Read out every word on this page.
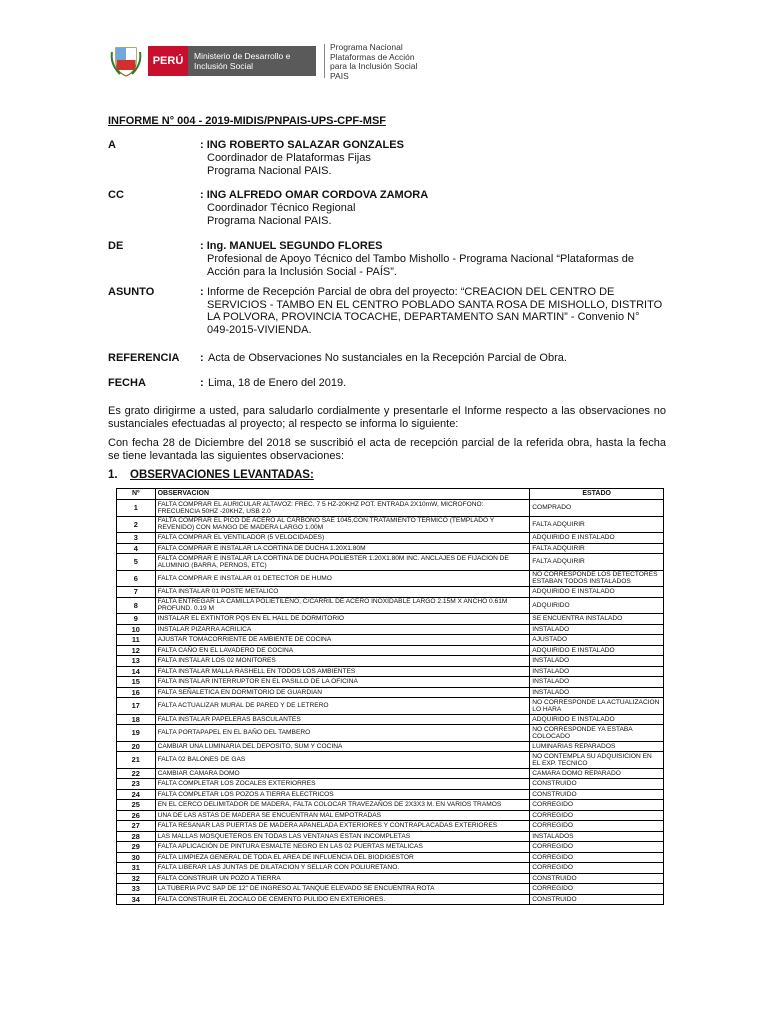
PERÚ	Ministerio de Desarrollo e Inclusión Social
Programa Nacional
Plataformas de Acción
para la Inclusión Social
PAIS
INFORME N° 004 - 2019-MIDIS/PNPAIS-UPS-CPF-MSF
A	: ING ROBERTO SALAZAR GONZALES
Coordinador de Plataformas Fijas
Programa Nacional PAIS.
CC	: ING ALFREDO OMAR CORDOVA ZAMORA
Coordinador Técnico Regional
Programa Nacional PAIS.
DE	: Ing. MANUEL SEGUNDO FLORES
Profesional de Apoyo Técnico del Tambo Mishollo - Programa Nacional “Plataformas de
Acción para la Inclusión Social - PAÍS”.
ASUNTO	: Informe de Recepción Parcial de obra del proyecto: “CREACION DEL CENTRO DE
SERVICIOS - TAMBO EN EL CENTRO POBLADO SANTA ROSA DE MISHOLLO, DISTRITO
LA POLVORA, PROVINCIA TOCACHE, DEPARTAMENTO SAN MARTIN” - Convenio N°
049-2015-VIVIENDA.
REFERENCIA : Acta de Observaciones No sustanciales en la Recepción Parcial de Obra.
FECHA	: Lima, 18 de Enero del 2019.
Es grato dirigirme a usted, para saludarlo cordialmente y presentarle el Informe respecto a las observaciones no sustanciales efectuadas al proyecto; al respecto se informa lo siguiente:
Con fecha 28 de Diciembre del 2018 se suscribió el acta de recepción parcial de la referida obra, hasta la fecha se tiene levantada las siguientes observaciones:
1. OBSERVACIONES LEVANTADAS:
Nº	OBSERVACION	ESTADO
1	FALTA COMPRAR EL AURICULAR ALTAVOZ: FREC. 7 5 HZ-20KHZ POT. ENTRADA 2X10mW, MICROFONO: FRECUENCIA 50HZ -20KHZ, USB 2.0	COMPRADO
2	FALTA COMPRAR EL PICO DE ACERO AL CARBONO SAE 1045,CON TRATAMIENTO TERMICO (TEMPLADO Y REVENIDO) CON MANGO DE MADERA LARGO 1.00M	FALTA ADQUIRIR
3	FALTA COMPRAR EL VENTILADOR (5 VELOCIDADES)	ADQUIRIDO E INSTALADO
4	FALTA COMPRAR E INSTALAR LA CORTINA DE DUCHA 1.20X1.80M	FALTA ADQUIRIR
5	FALTA COMPRAR E INSTALAR LA CORTINA DE DUCHA POLIESTER 1.20X1.80M INC. ANCLAJES DE FIJACION DE ALUMINIO (BARRA, PERNOS, ETC)	FALTA ADQUIRIR
6	FALTA COMPRAR E INSTALAR 01 DETECTOR DE HUMO	NO CORRESPONDE LOS DETECTORES ESTABAN TODOS INSTALADOS
7	FALTA INSTALAR 01 POSTE METALICO	ADQUIRIDO E INSTALADO
8	FALTA ENTREGAR LA CAMILLA POLIETILENO, C/CARRIL DE ACERO INOXIDABLE LARGO 2.15M X ANCHO 0.61M PROFUND. 0.19 M	ADQUIRIDO
9	INSTALAR EL EXTINTOR PQS EN EL HALL DE DORMITORIO	SE ENCUENTRA INSTALADO
10	INSTALAR PIZARRA ACRILICA	INSTALADO
11	AJUSTAR TOMACORRIENTE DE AMBIENTE DE COCINA	AJUSTADO
12	FALTA CAÑO EN EL LAVADERO DE COCINA	ADQUIRIDO E INSTALADO
13	FALTA INSTALAR LOS 02 MONITORES	INSTALADO
14	FALTA INSTALAR MALLA RASHELL EN TODOS LOS AMBIENTES	INSTALADO
15	FALTA INSTALAR INTERRUPTOR EN EL PASILLO DE LA OFICINA	INSTALADO
16	FALTA SEÑALETICA EN DORMITORIO DE GUARDIAN	INSTALADO
17	FALTA ACTUALIZAR MURAL DE PARED Y DE LETRERO	NO CORRESPONDE LA ACTUALIZACION LO HARA
18	FALTA INSTALAR PAPELERAS BASCULANTES	ADQUIRIDO E INSTALADO
19	FALTA PORTAPAPEL EN EL BAÑO DEL TAMBERO	NO CORRESPONDE YA ESTABA COLOCADO
20	CAMBIAR UNA LUMINARIA DEL DEPOSITO, SUM Y COCINA	LUMINARIAS REPARADOS
21	FALTA 02 BALONES DE GAS	NO CONTEMPLA SU ADQUISICION EN EL EXP. TECNICO
22	CAMBIAR CAMARA DOMO	CAMARA DOMO REPARADO
23	FALTA COMPLETAR LOS ZOCALES EXTERIORRES	CONSTRUIDO
24	FALTA COMPLETAR LOS POZOS A TIERRA ELECTRICOS	CONSTRUIDO
25	EN EL CERCO DELIMITADOR DE MADERA, FALTA COLOCAR TRAVEZAÑOS DE 2X3X3 M. EN VARIOS TRAMOS	CORREGIDO
26	UNA DE LAS ASTAS DE MADERA SE ENCUENTRAN MAL EMPOTRADAS	CORREGIDO
27	FALTA RESANAR LAS PUERTAS DE MADERA APANELADA EXTERIORES Y CONTRAPLACADAS EXTERIORES	CORREGIDO
28	LAS MALLAS MOSQUETEROS EN TODAS LAS VENTANAS ESTAN INCOMPLETAS	INSTALADOS
29	FALTA APLICACIÓN DE PINTURA ESMALTE NEGRO EN LAS 02 PUERTAS METALICAS	CORREGIDO
30	FALTA LIMPIEZA GENERAL DE TODA EL AREA DE INFLUENCIA DEL BIODIGESTOR	CORREGIDO
31	FALTA LIBERAR LAS JUNTAS DE DILATACION Y SELLAR CON POLIURETANO.	CORREGIDO
32	FALTA CONSTRUIR UN POZO A TIERRA	CONSTRUIDO
33	LA TUBERIA PVC SAP DE 12" DE INGRESO AL TANQUE ELEVADO SE ENCUENTRA ROTA	CORREGIDO
34	FALTA CONSTRUIR EL ZOCALO DE CEMENTO PULIDO EN EXTERIORES.	CONSTRUIDO
